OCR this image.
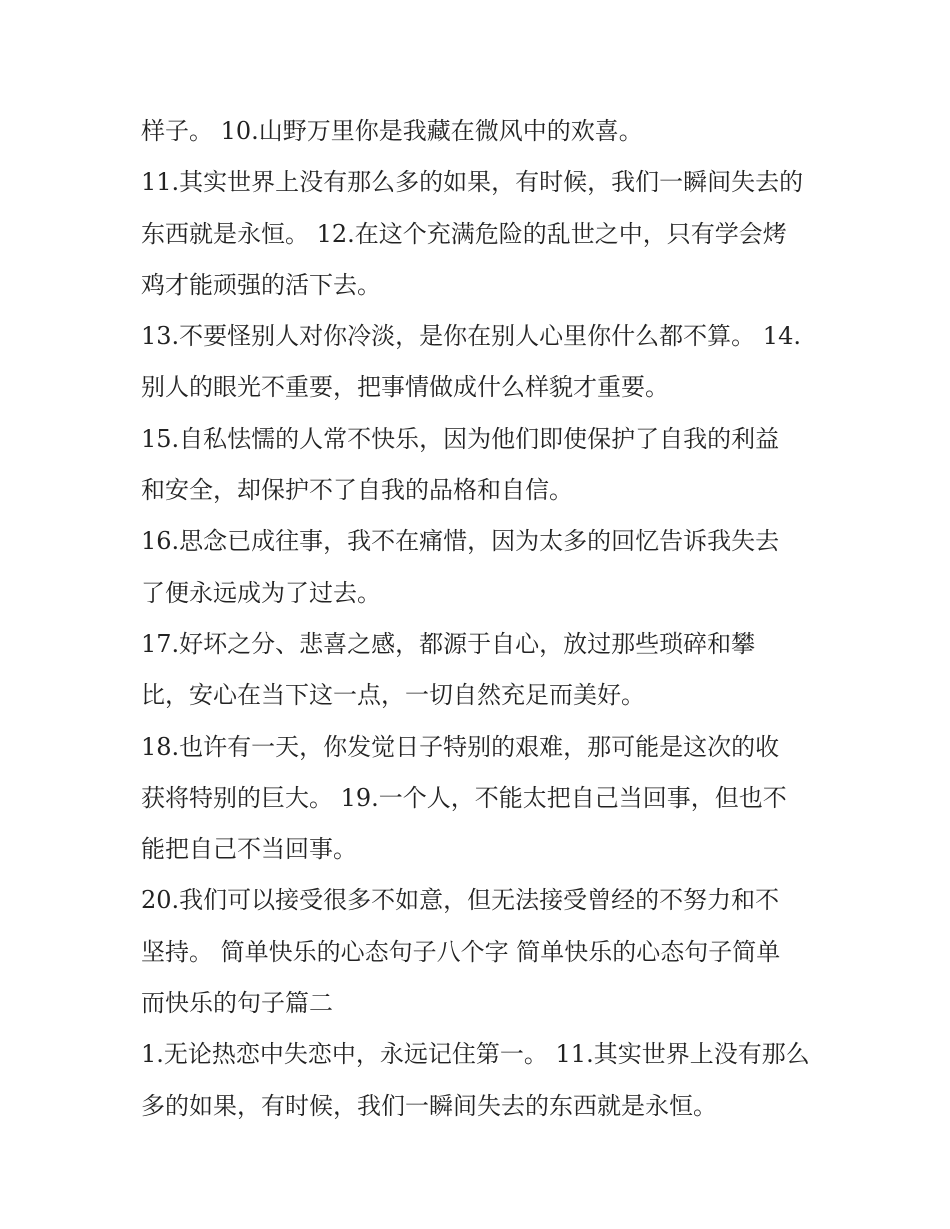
样子。 10.山野万里你是我藏在微风中的欢喜。

11.其实世界上没有那么多的如果，有时候，我们一瞬间失去的

东西就是永恒。 12.在这个充满危险的乱世之中，只有学会烤

鸡才能顽强的活下去。

13.不要怪别人对你冷淡，是你在别人心里你什么都不算。 14.

别人的眼光不重要，把事情做成什么样貌才重要。

15.自私怯懦的人常不快乐，因为他们即使保护了自我的利益

和安全，却保护不了自我的品格和自信。

16.思念已成往事，我不在痛惜，因为太多的回忆告诉我失去

了便永远成为了过去。

17.好坏之分、悲喜之感，都源于自心，放过那些琐碎和攀

比，安心在当下这一点，一切自然充足而美好。

18.也许有一天，你发觉日子特别的艰难，那可能是这次的收

获将特别的巨大。 19.一个人，不能太把自己当回事，但也不

能把自己不当回事。

20.我们可以接受很多不如意，但无法接受曾经的不努力和不

坚持。 简单快乐的心态句子八个字 简单快乐的心态句子简单

而快乐的句子篇二

1.无论热恋中失恋中，永远记住第一。 11.其实世界上没有那么

多的如果，有时候，我们一瞬间失去的东西就是永恒。
